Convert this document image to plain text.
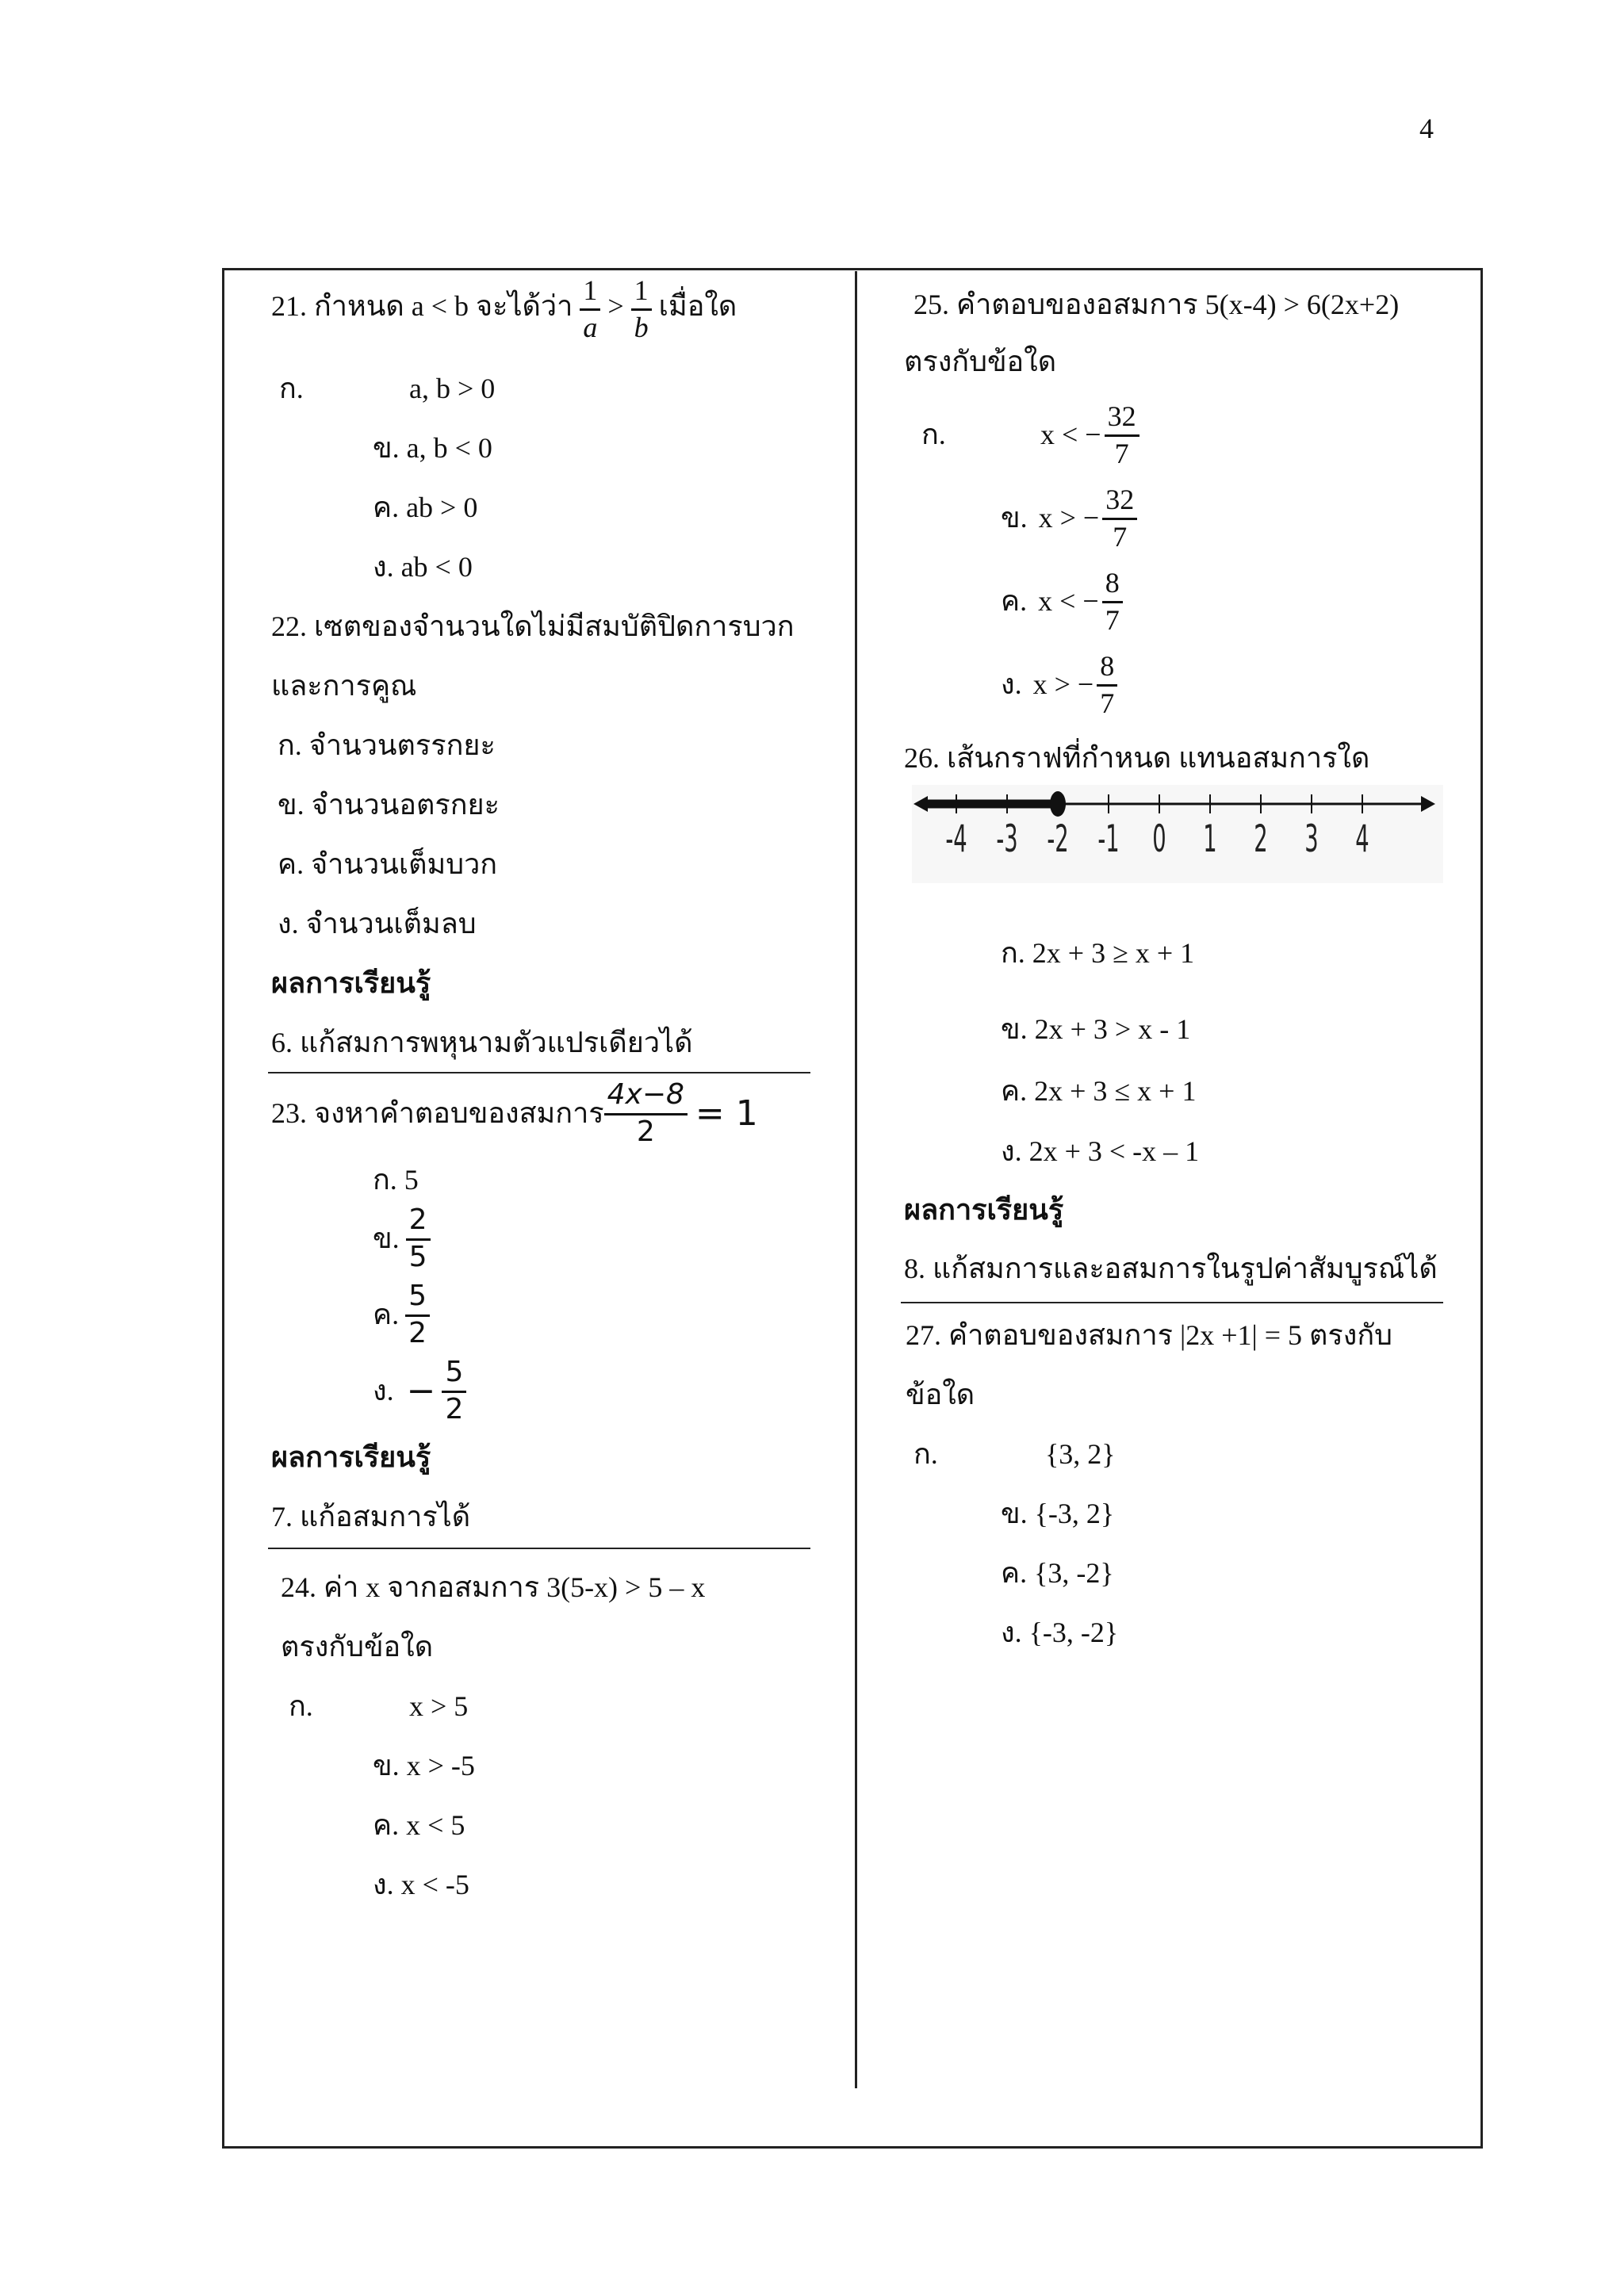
4
21. กำหนด a < b จะได้ว่า $\frac{1}{a} > \frac{1}{b}$ เมื่อใด
ก.	a, b > 0
ข. a, b < 0
ค. ab > 0
ง. ab < 0
22. เซตของจำนวนใดไม่มีสมบัติปิดการบวก
และการคูณ
ก. จำนวนตรรกยะ
ข. จำนวนอตรกยะ
ค. จำนวนเต็มบวก
ง. จำนวนเต็มลบ
ผลการเรียนรู้
6. แก้สมการพหุนามตัวแปรเดียวได้
23. จงหาคำตอบของสมการ $\frac{4x-8}{2} = 1$
ก. 5
ข. $\frac{2}{5}$
ค. $\frac{5}{2}$
ง. − $\frac{5}{2}$
ผลการเรียนรู้
7. แก้อสมการได้
24. ค่า x จากอสมการ 3(5-x) > 5 – x
ตรงกับข้อใด
ก.	x > 5
ข. x > -5
ค. x < 5
ง. x < -5
25. คำตอบของอสมการ 5(x-4) > 6(2x+2)
ตรงกับข้อใด
ก.	x < − $\frac{32}{7}$
ข. x > − $\frac{32}{7}$
ค. x < − $\frac{8}{7}$
ง. x > − $\frac{8}{7}$
26. เส้นกราฟที่กำหนด แทนอสมการใด
-4 -3 -2 -1 0 1 2 3 4
ก. 2x + 3 ≥ x + 1
ข. 2x + 3 > x - 1
ค. 2x + 3 ≤ x + 1
ง. 2x + 3 < -x – 1
ผลการเรียนรู้
8. แก้สมการและอสมการในรูปค่าสัมบูรณ์ได้
27. คำตอบของสมการ |2x +1| = 5 ตรงกับ
ข้อใด
ก.	{3, 2}
ข. {-3, 2}
ค. {3, -2}
ง. {-3, -2}
